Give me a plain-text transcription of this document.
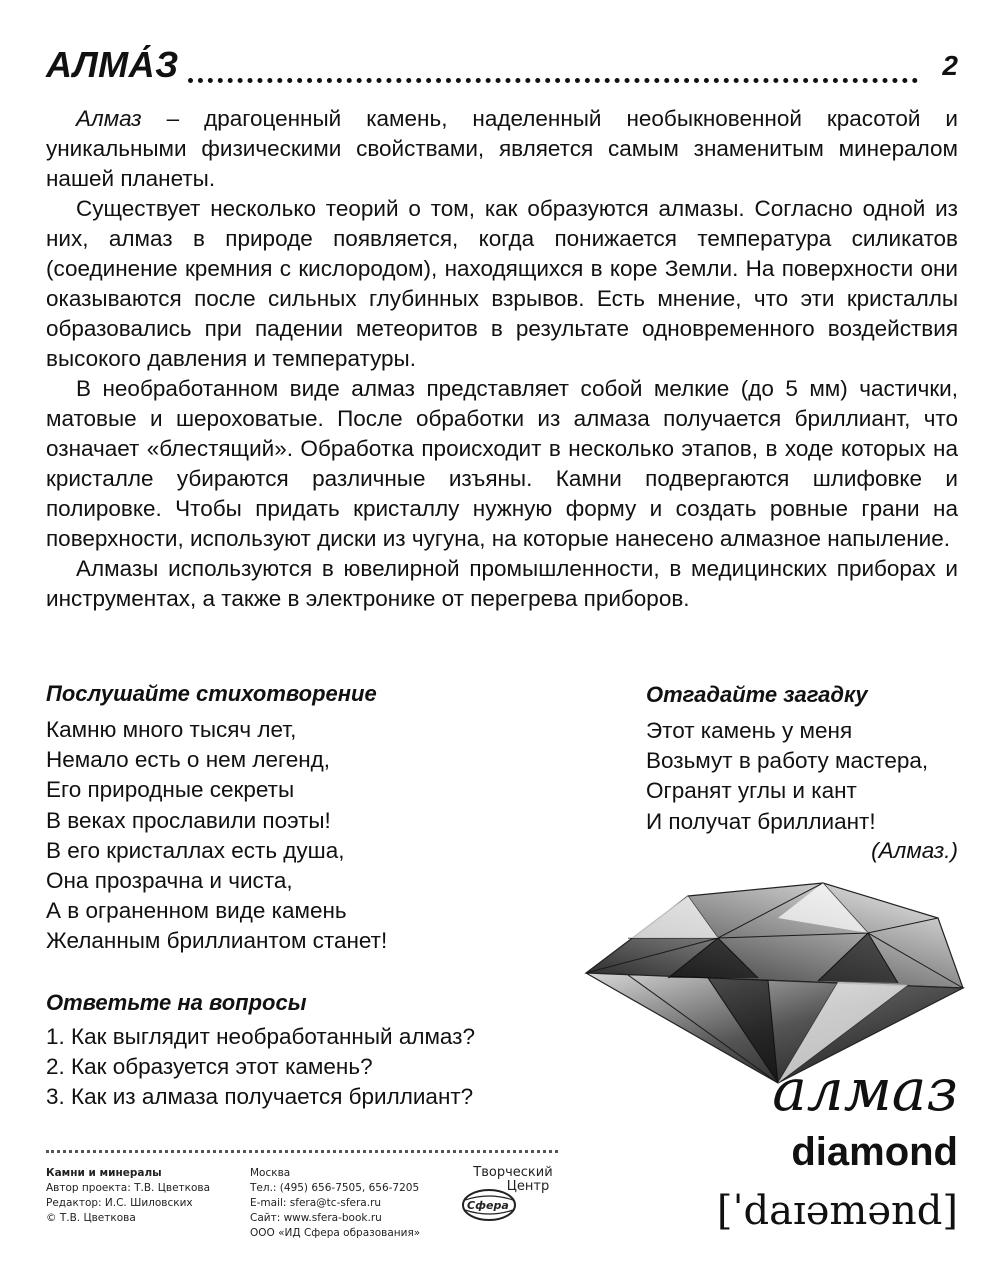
АЛМА́З	2

Алмаз – драгоценный камень, наделенный необыкновенной красотой и уникальными физическими свойствами, является самым знаменитым минералом нашей планеты.

Существует несколько теорий о том, как образуются алмазы. Согласно одной из них, алмаз в природе появляется, когда понижается температура силикатов (соединение кремния с кислородом), находящихся в коре Земли. На поверхности они оказываются после сильных глубинных взрывов. Есть мнение, что эти кристаллы образовались при падении метеоритов в результате одновременного воздействия высокого давления и температуры.

В необработанном виде алмаз представляет собой мелкие (до 5 мм) частички, матовые и шероховатые. После обработки из алмаза получается бриллиант, что означает «блестящий». Обработка происходит в несколько этапов, в ходе которых на кристалле убираются различные изъяны. Камни подвергаются шлифовке и полировке. Чтобы придать кристаллу нужную форму и создать ровные грани на поверхности, используют диски из чугуна, на которые нанесено алмазное напыление.

Алмазы используются в ювелирной промышленности, в медицинских приборах и инструментах, а также в электронике от перегрева приборов.

Послушайте стихотворение
Камню много тысяч лет,
Немало есть о нем легенд,
Его природные секреты
В веках прославили поэты!
В его кристаллах есть душа,
Она прозрачна и чиста,
А в ограненном виде камень
Желанным бриллиантом станет!
Отгадайте загадку
Этот камень у меня
Возьмут в работу мастера,
Огранят углы и кант
И получат бриллиант!
(Алмаз.)
Ответьте на вопросы
1. Как выглядит необработанный алмаз?
2. Как образуется этот камень?
3. Как из алмаза получается бриллиант?	алмаз
diamond
[ˈdaɪəmənd]
Камни и минералы
Автор проекта: Т.В. Цветкова
Редактор: И.С. Шиловских
© Т.В. Цветкова
Москва
Тел.: (495) 656-7505, 656-7205
E-mail: sfera@tc-sfera.ru
Сайт: www.sfera-book.ru
ООО «ИД Сфера образования»
Творческий
Центр
Сфера
